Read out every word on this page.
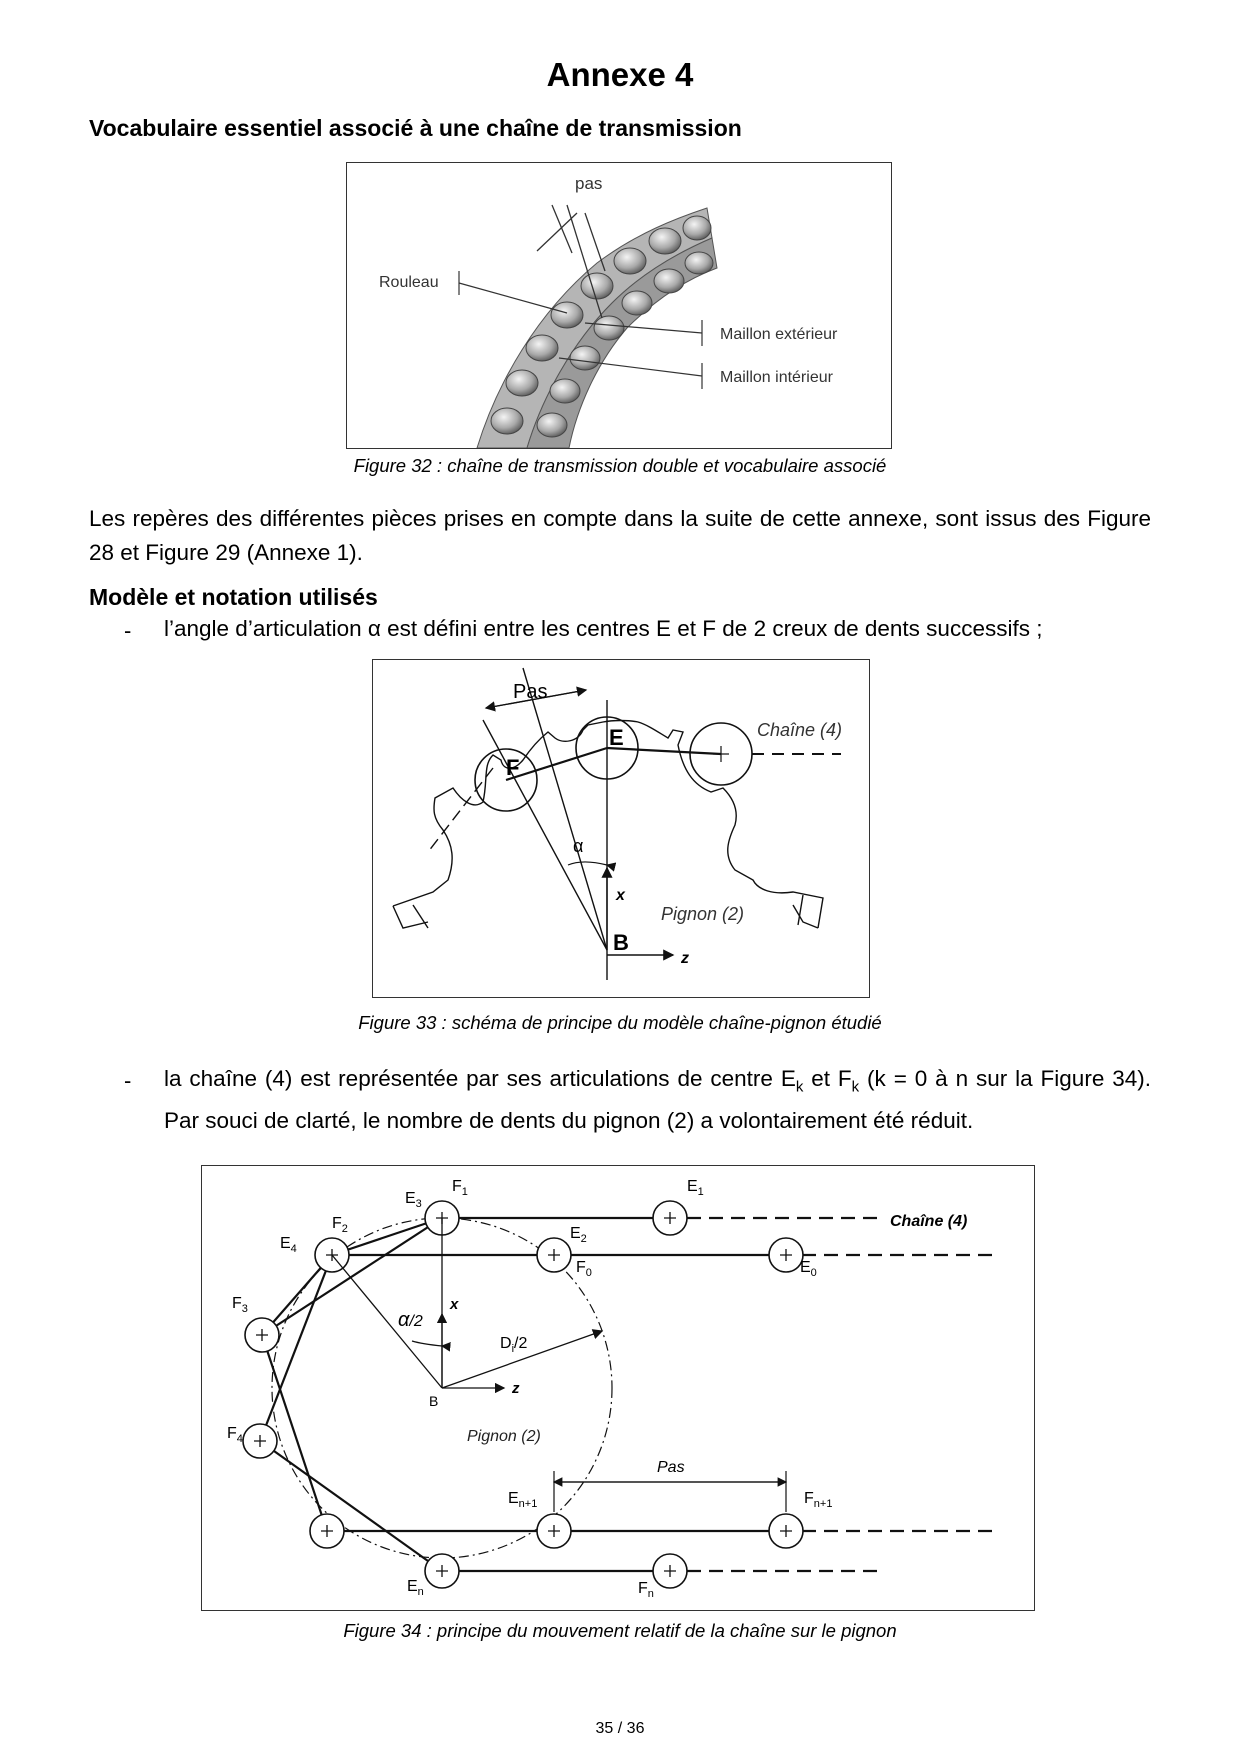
Annexe 4
Vocabulaire essentiel associé à une chaîne de transmission
pas
Rouleau
Maillon extérieur
Maillon intérieur
Figure 32 : chaîne de transmission double et vocabulaire associé
Les repères des différentes pièces prises en compte dans la suite de cette annexe, sont issus des Figure 28 et Figure 29 (Annexe 1).
Modèle et notation utilisés
- l’angle d’articulation α est défini entre les centres E et F de 2 creux de dents successifs ;
Pas
E
F
Chaîne (4)
α
x
Pignon (2)
B
z
Figure 33 : schéma de principe du modèle chaîne-pignon étudié
- la chaîne (4) est représentée par ses articulations de centre $E_k$ et $F_k$ (k = 0 à n sur la Figure 34). Par souci de clarté, le nombre de dents du pignon (2) a volontairement été réduit.
$E_3$
$F_1$	$E_1$
$F_2$
$E_4$
$E_2$
$F_0$	$E_0$
$F_3$
$F_4$
$E_{n+1}$	$F_{n+1}$
$E_n$	$F_n$
Chaîne (4)
α/2
x
$D_i/2$
B
z
Pignon (2)
Pas
Figure 34 : principe du mouvement relatif de la chaîne sur le pignon
35 / 36
